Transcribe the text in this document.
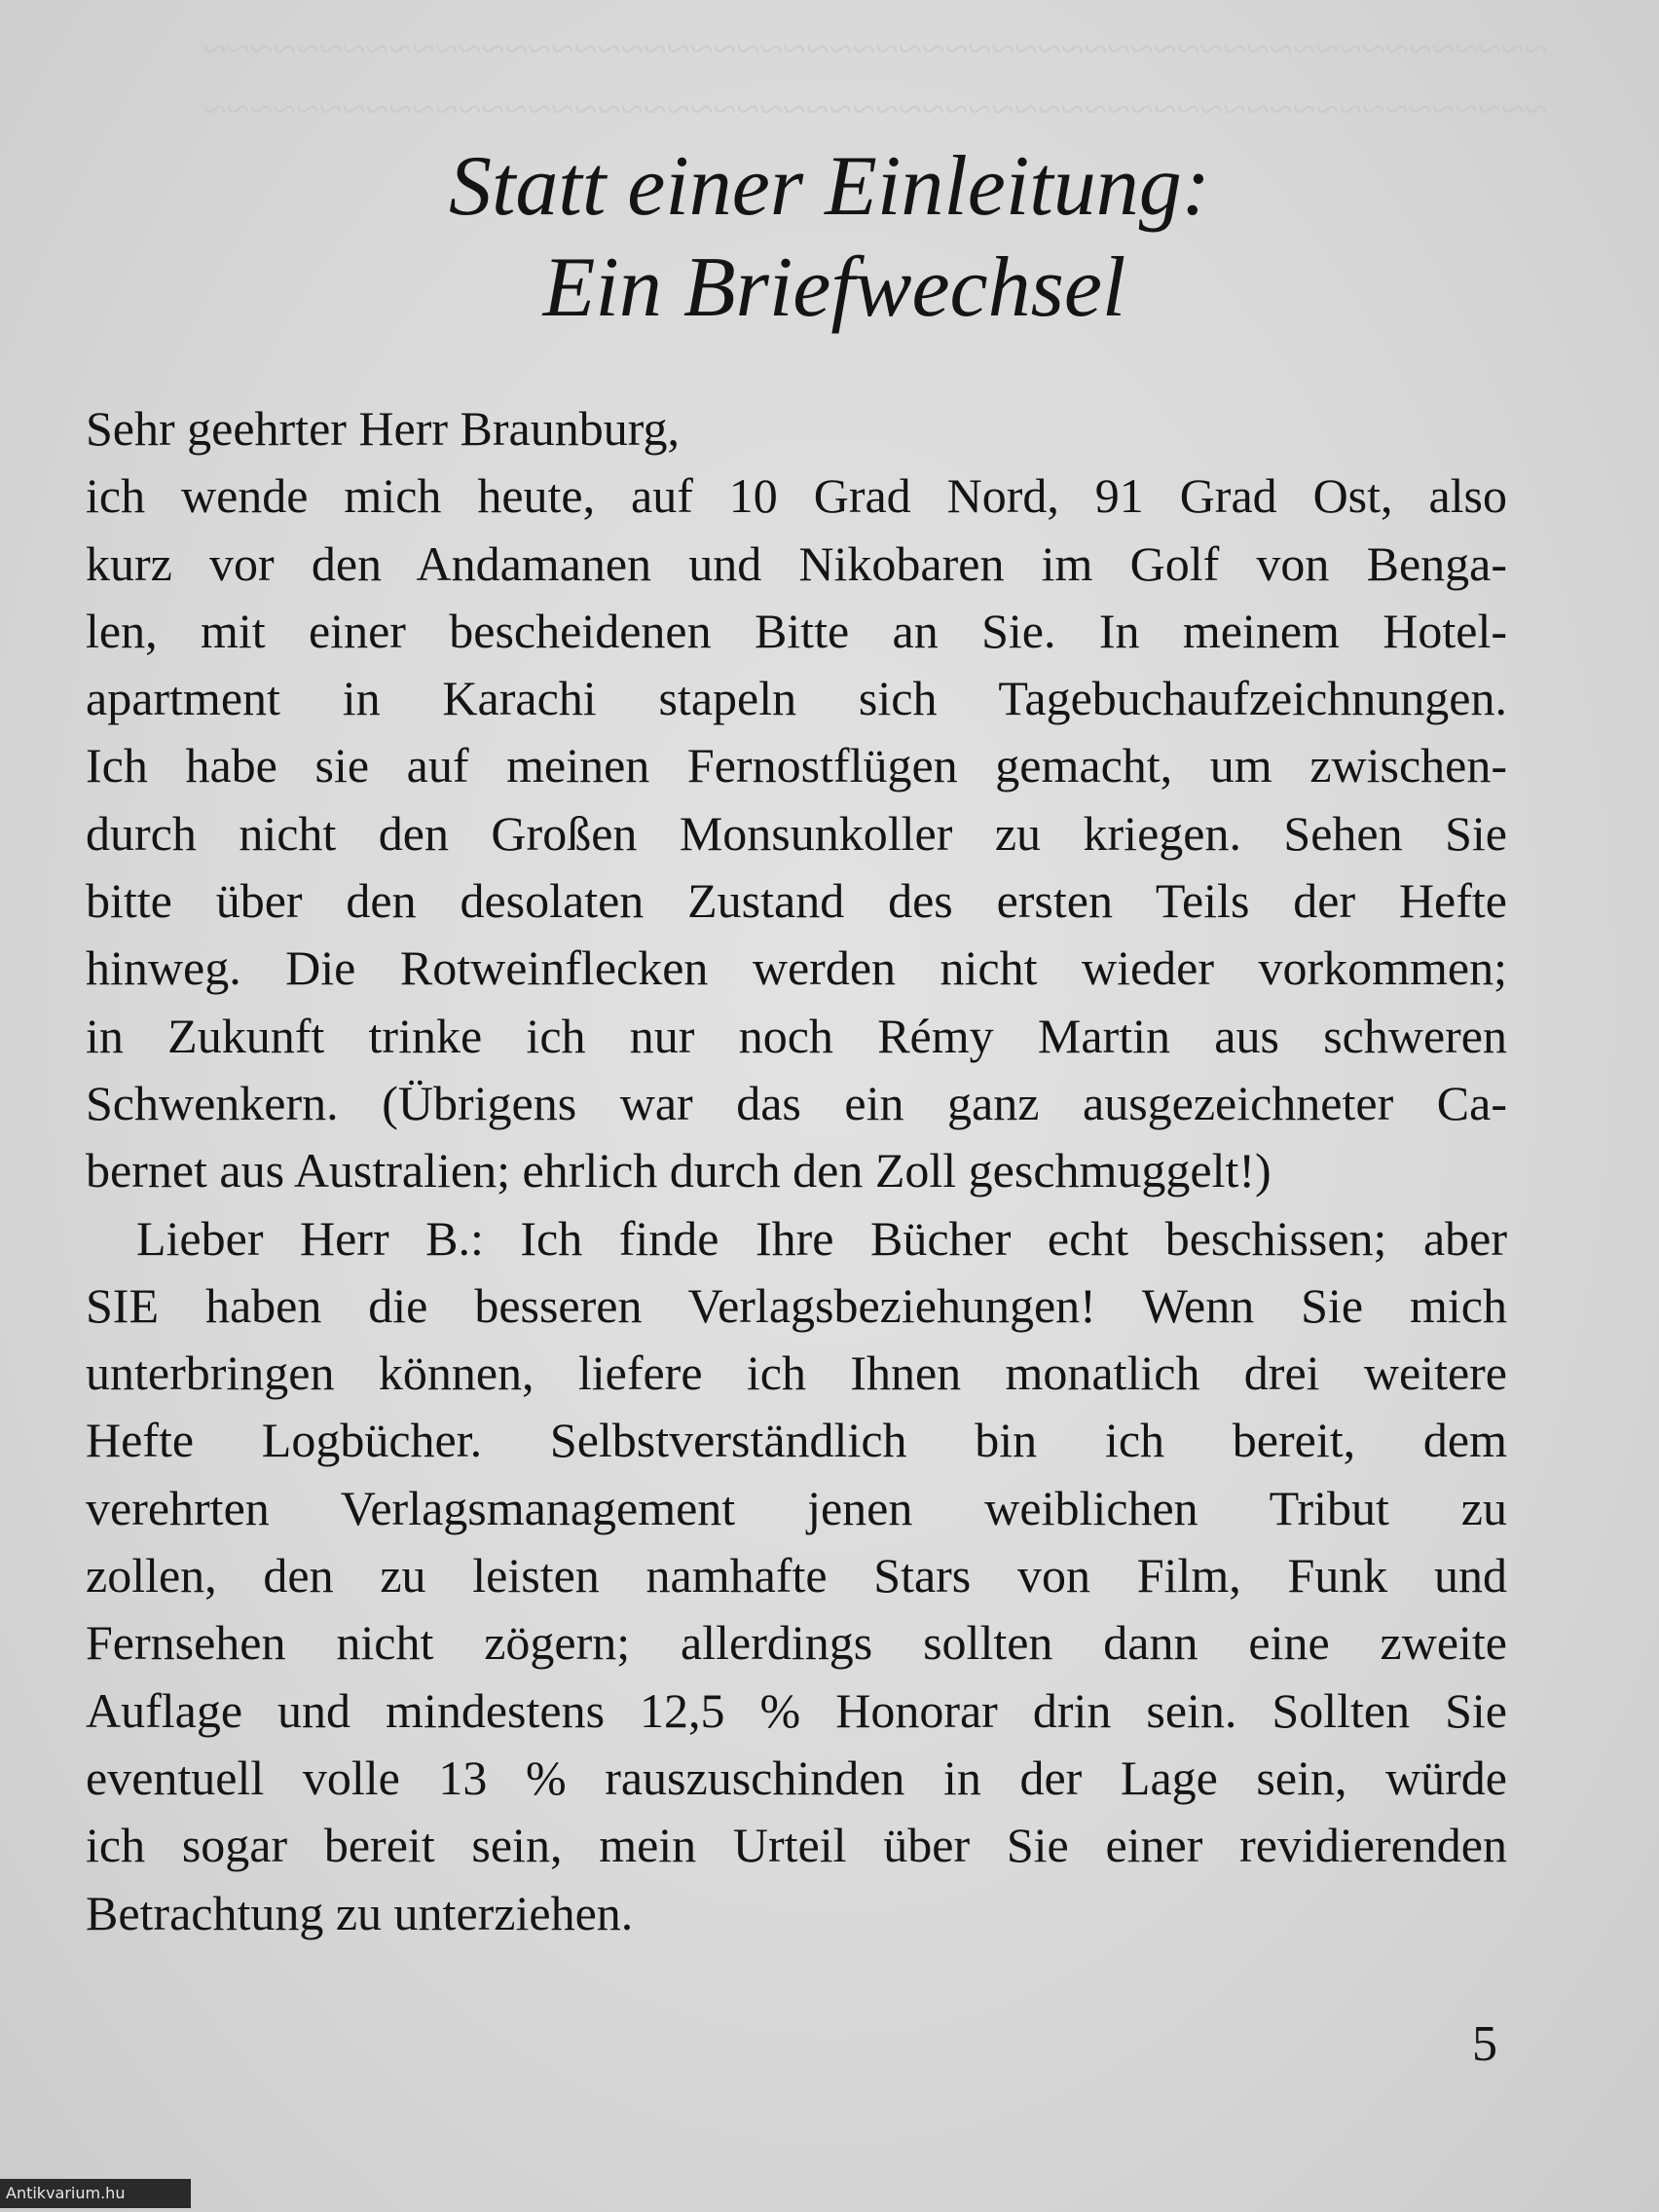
~~~~~~~~~~~~~~~~~~~~~~~~~~~~~~~~~~~~~~~~~~~~~~~~~~~~~~~~~~
~~~~~~~~~~~~~~~~~~~~~~~~~~~~~~~~~~~~~~~~~~~~~~~~~~~~~~~~~~
Statt einer Einleitung:
Ein Briefwechsel
Sehr geehrter Herr Braunburg,
ich wende mich heute, auf 10 Grad Nord, 91 Grad Ost, also
kurz vor den Andamanen und Nikobaren im Golf von Benga-
len, mit einer bescheidenen Bitte an Sie. In meinem Hotel-
apartment in Karachi stapeln sich Tagebuchaufzeichnungen.
Ich habe sie auf meinen Fernostflügen gemacht, um zwischen-
durch nicht den Großen Monsunkoller zu kriegen. Sehen Sie
bitte über den desolaten Zustand des ersten Teils der Hefte
hinweg. Die Rotweinflecken werden nicht wieder vorkommen;
in Zukunft trinke ich nur noch Rémy Martin aus schweren
Schwenkern. (Übrigens war das ein ganz ausgezeichneter Ca-
bernet aus Australien; ehrlich durch den Zoll geschmuggelt!)
Lieber Herr B.: Ich finde Ihre Bücher echt beschissen; aber
SIE haben die besseren Verlagsbeziehungen! Wenn Sie mich
unterbringen können, liefere ich Ihnen monatlich drei weitere
Hefte Logbücher. Selbstverständlich bin ich bereit, dem
verehrten Verlagsmanagement jenen weiblichen Tribut zu
zollen, den zu leisten namhafte Stars von Film, Funk und
Fernsehen nicht zögern; allerdings sollten dann eine zweite
Auflage und mindestens 12,5 % Honorar drin sein. Sollten Sie
eventuell volle 13 % rauszuschinden in der Lage sein, würde
ich sogar bereit sein, mein Urteil über Sie einer revidierenden
Betrachtung zu unterziehen.
5
Antikvarium.hu
